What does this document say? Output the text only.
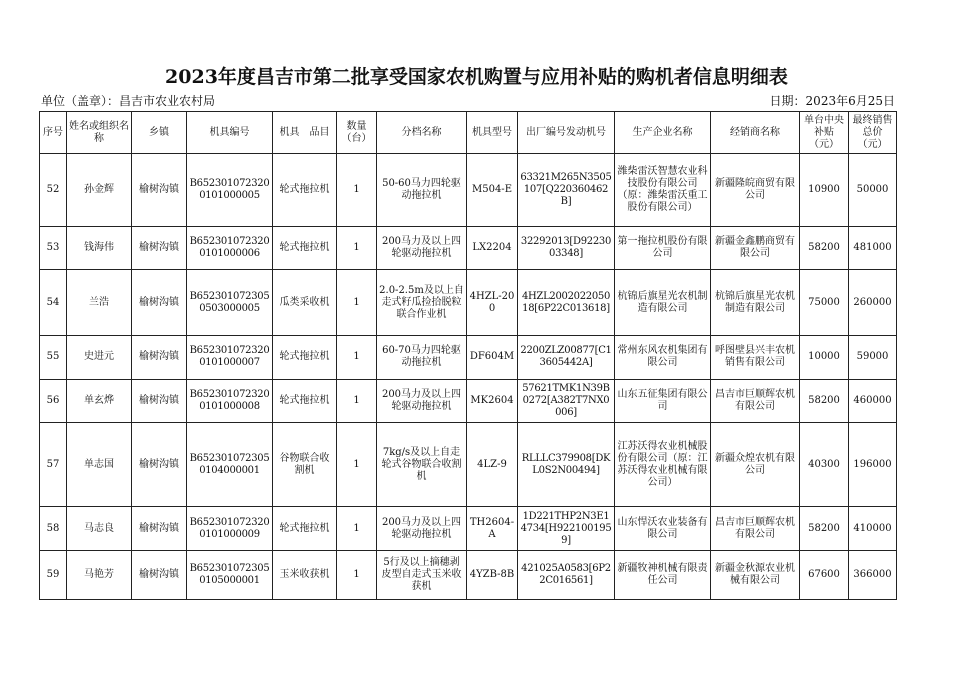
2023年度昌吉市第二批享受国家农机购置与应用补贴的购机者信息明细表
单位（盖章）：昌吉市农业农村局	日期：2023年6月25日
序号	姓名或组织名称	乡镇	机具编号	机具　品目	数量（台）	分档名称	机具型号	出厂编号发动机号	生产企业名称	经销商名称	单台中央补贴（元）	最终销售总价（元）
52	孙金辉	榆树沟镇	B6523010723200101000005	轮式拖拉机	1	50-60马力四轮驱动拖拉机	M504-E	63321M265N3505107[Q220360462B]	潍柴雷沃智慧农业科技股份有限公司（原：潍柴雷沃重工股份有限公司）	新疆隆皖商贸有限公司	10900	50000
53	钱海伟	榆树沟镇	B6523010723200101000006	轮式拖拉机	1	200马力及以上四轮驱动拖拉机	LX2204	32292013[D9223003348]	第一拖拉机股份有限公司	新疆金鑫鹏商贸有限公司	58200	481000
54	兰浩	榆树沟镇	B6523010723050503000005	瓜类采收机	1	2.0-2.5m及以上自走式籽瓜捡拾脱粒联合作业机	4HZL-200	4HZL200202205018[6P22C013618]	杭锦后旗星光农机制造有限公司	杭锦后旗星光农机制造有限公司	75000	260000
55	史进元	榆树沟镇	B6523010723200101000007	轮式拖拉机	1	60-70马力四轮驱动拖拉机	DF604M	2200ZLZ00877[C13605442A]	常州东风农机集团有限公司	呼图壁县兴丰农机销售有限公司	10000	59000
56	单玄烨	榆树沟镇	B6523010723200101000008	轮式拖拉机	1	200马力及以上四轮驱动拖拉机	MK2604	57621TMK1N39B0272[A382T7NX0006]	山东五征集团有限公司	昌吉市巨顺辉农机有限公司	58200	460000
57	单志国	榆树沟镇	B6523010723050104000001	谷物联合收割机	1	7kg/s及以上自走轮式谷物联合收割机	4LZ-9	RLLLC379908[DKL0S2N00494]	江苏沃得农业机械股份有限公司（原：江苏沃得农业机械有限公司）	新疆众煌农机有限公司	40300	196000
58	马志良	榆树沟镇	B6523010723200101000009	轮式拖拉机	1	200马力及以上四轮驱动拖拉机	TH2604-A	1D221THP2N3E14734[H9221001959]	山东悍沃农业装备有限公司	昌吉市巨顺辉农机有限公司	58200	410000
59	马艳芳	榆树沟镇	B6523010723050105000001	玉米收获机	1	5行及以上摘穗剥皮型自走式玉米收获机	4YZB-8B	421025A0583[6P22C016561]	新疆牧神机械有限责任公司	新疆金秋源农业机械有限公司	67600	366000
